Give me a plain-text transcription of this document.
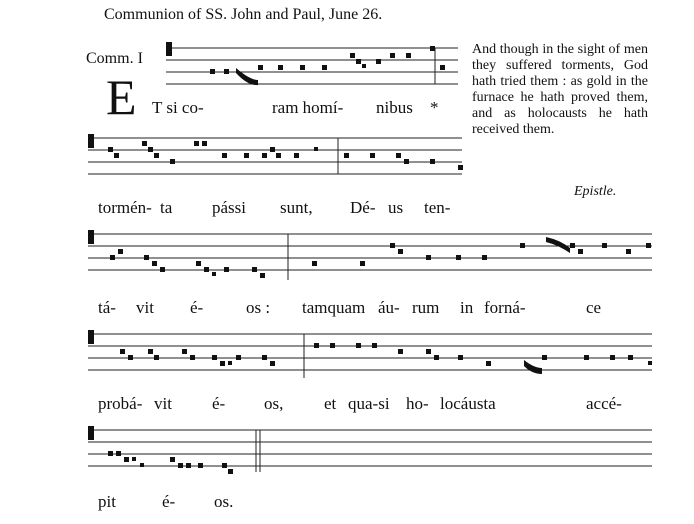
Communion of SS. John and Paul, June 26.
Comm. I
E T si co-	ram homí- nibus *
tormén- ta pássi sunt, Dé- us ten-
tá- vit é-	os : tamquam áu- rum in forná-	ce
probá- vit é- os, et qua-si ho- locáusta	accé-
pit	é- os.

And though in the sight of men they suffered torments, God hath tried them : as gold in the furnace he hath proved them, and as holocausts he hath received them.

Epistle.
